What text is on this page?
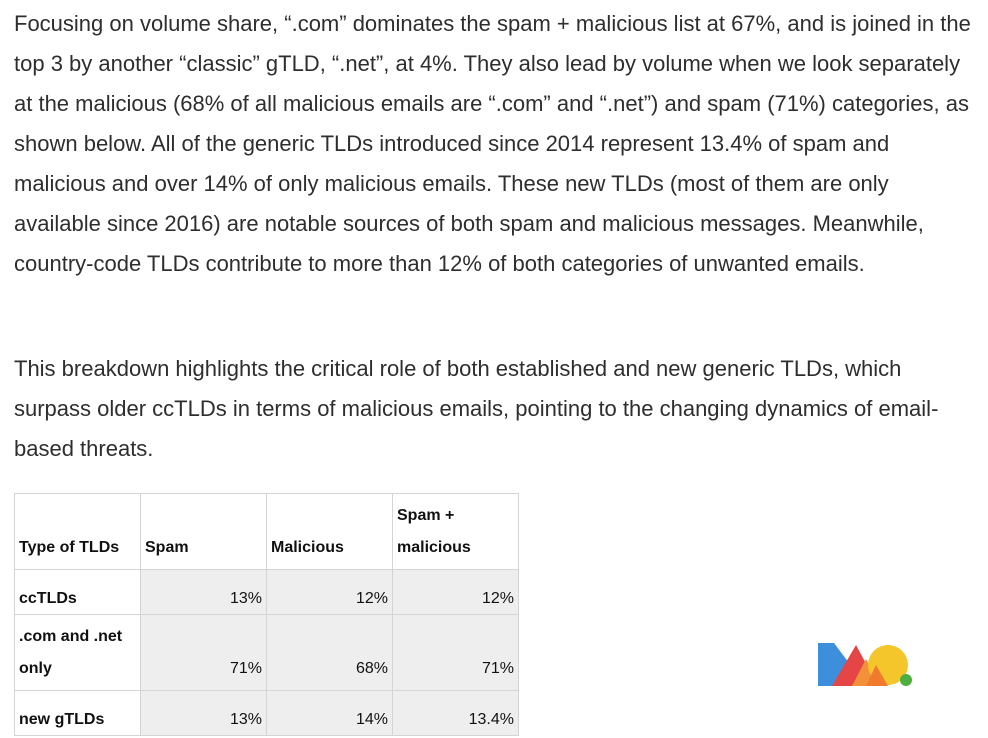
Focusing on volume share, “.com” dominates the spam + malicious list at 67%, and is joined in the top 3 by another “classic” gTLD, “.net”, at 4%. They also lead by volume when we look separately at the malicious (68% of all malicious emails are “.com” and “.net”) and spam (71%) categories, as shown below. All of the generic TLDs introduced since 2014 represent 13.4% of spam and malicious and over 14% of only malicious emails. These new TLDs (most of them are only available since 2016) are notable sources of both spam and malicious messages. Meanwhile, country-code TLDs contribute to more than 12% of both categories of unwanted emails.

This breakdown highlights the critical role of both established and new generic TLDs, which surpass older ccTLDs in terms of malicious emails, pointing to the changing dynamics of email-based threats.

Type of TLDs	Spam	Malicious	Spam + malicious
ccTLDs	13%	12%	12%
.com and .net only	71%	68%	71%
new gTLDs	13%	14%	13.4%
